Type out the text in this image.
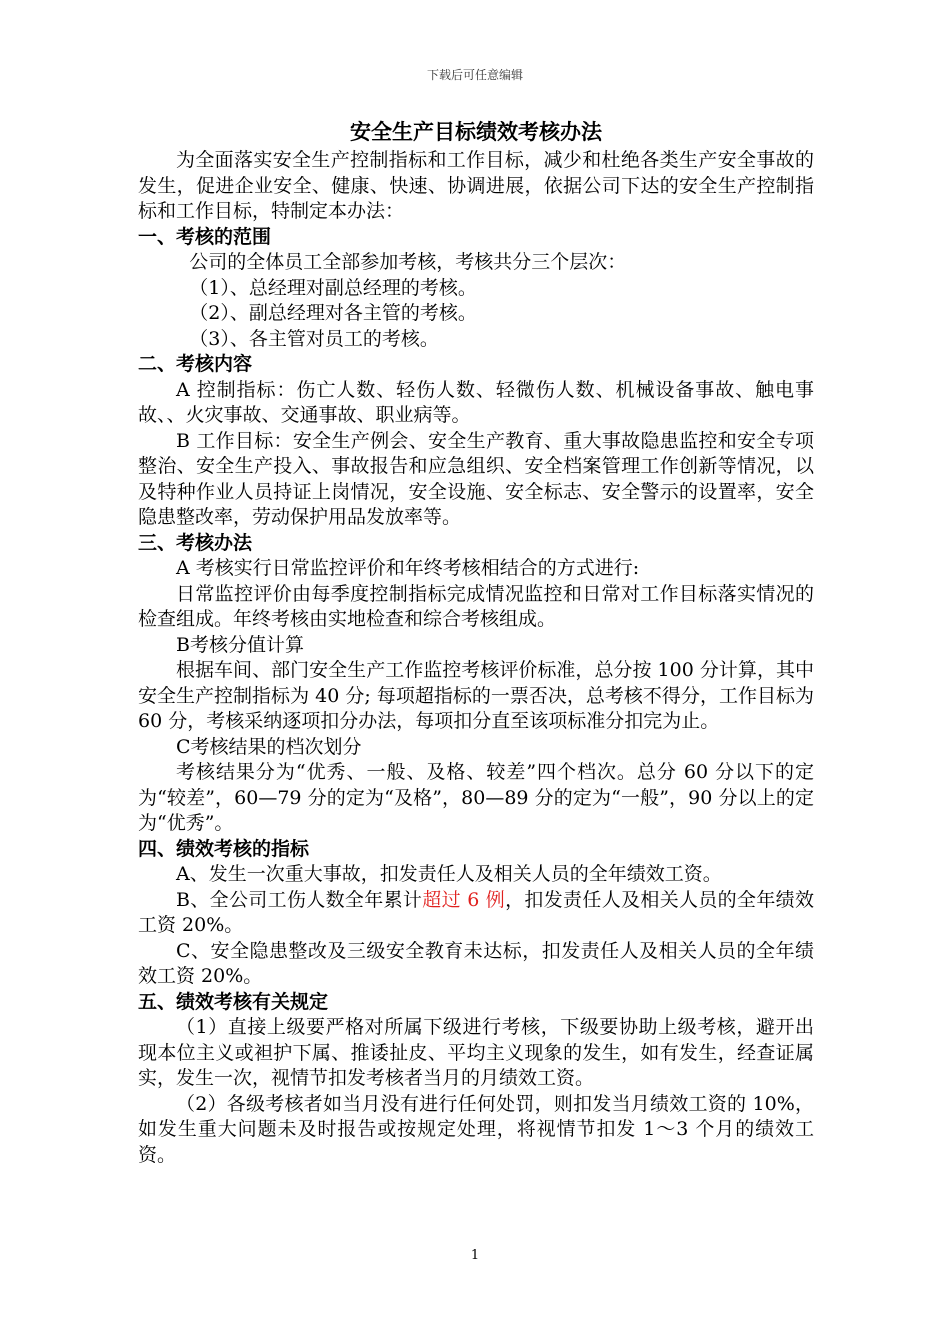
下载后可任意编辑
安全生产目标绩效考核办法

为全面落实安全生产控制指标和工作目标，减少和杜绝各类生产安全事故的发生，促进企业安全、健康、快速、协调进展，依据公司下达的安全生产控制指标和工作目标，特制定本办法：

一、考核的范围

公司的全体员工全部参加考核，考核共分三个层次：

（1）、总经理对副总经理的考核。

（2）、副总经理对各主管的考核。

（3）、各主管对员工的考核。

二、考核内容

A 控制指标：伤亡人数、轻伤人数、轻微伤人数、机械设备事故、触电事故、、火灾事故、交通事故、职业病等。

B 工作目标：安全生产例会、安全生产教育、重大事故隐患监控和安全专项整治、安全生产投入、事故报告和应急组织、安全档案管理工作创新等情况，以及特种作业人员持证上岗情况，安全设施、安全标志、安全警示的设置率，安全隐患整改率，劳动保护用品发放率等。

三、考核办法

A 考核实行日常监控评价和年终考核相结合的方式进行:

日常监控评价由每季度控制指标完成情况监控和日常对工作目标落实情况的检查组成。年终考核由实地检查和综合考核组成。

B考核分值计算

根据车间、部门安全生产工作监控考核评价标准，总分按 100 分计算，其中安全生产控制指标为 40 分; 每项超指标的一票否决，总考核不得分，工作目标为 60 分，考核采纳逐项扣分办法，每项扣分直至该项标准分扣完为止。

C考核结果的档次划分

考核结果分为“优秀、一般、及格、较差”四个档次。总分 60 分以下的定为“较差”，60—79 分的定为“及格”，80—89 分的定为“一般”，90 分以上的定为“优秀”。

四、绩效考核的指标

A、发生一次重大事故，扣发责任人及相关人员的全年绩效工资。

B、全公司工伤人数全年累计超过 6 例，扣发责任人及相关人员的全年绩效工资 20%。

C、安全隐患整改及三级安全教育未达标，扣发责任人及相关人员的全年绩效工资 20%。

五、绩效考核有关规定

（1）直接上级要严格对所属下级进行考核，下级要协助上级考核，避开出现本位主义或袒护下属、推诿扯皮、平均主义现象的发生，如有发生，经查证属实，发生一次，视情节扣发考核者当月的月绩效工资。

（2）各级考核者如当月没有进行任何处罚，则扣发当月绩效工资的 10%，如发生重大问题未及时报告或按规定处理，将视情节扣发 1～3 个月的绩效工资。

1
